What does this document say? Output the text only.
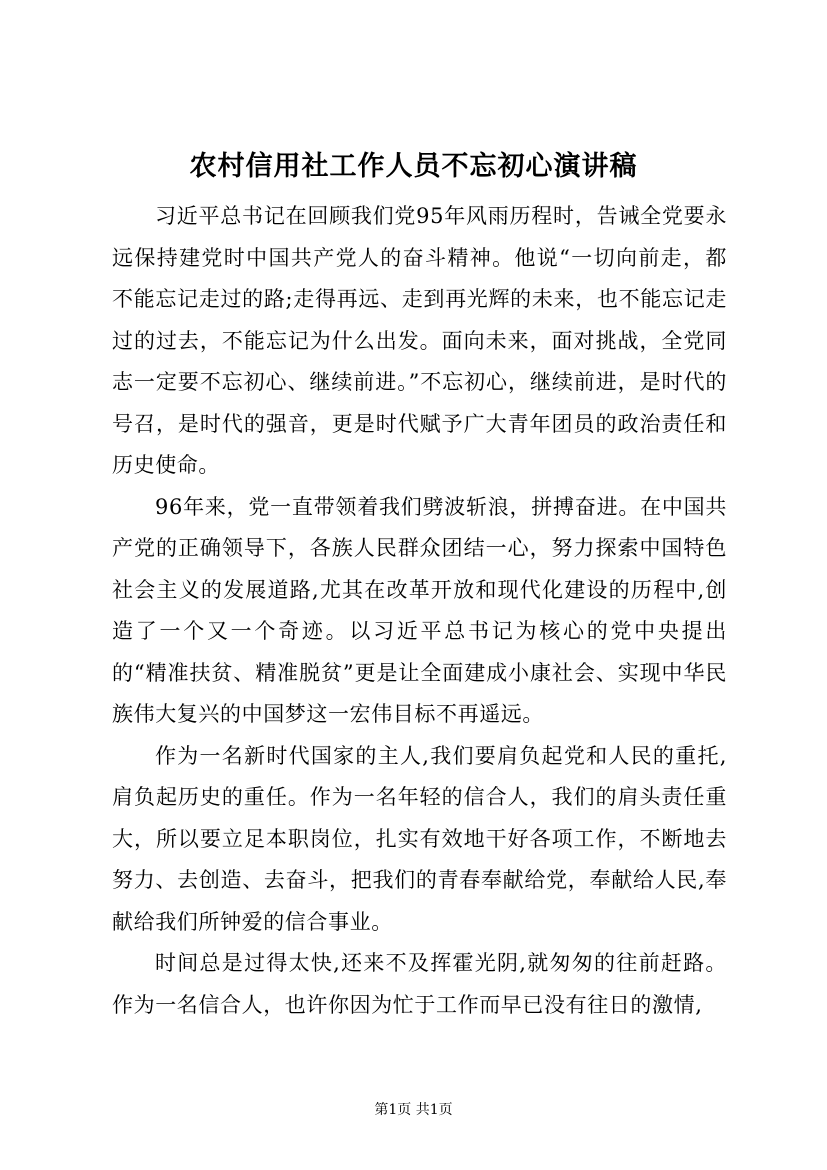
农村信用社工作人员不忘初心演讲稿

习近平总书记在回顾我们党95年风雨历程时，告诫全党要永远保持建党时中国共产党人的奋斗精神。他说“一切向前走，都不能忘记走过的路;走得再远、走到再光辉的未来，也不能忘记走过的过去，不能忘记为什么出发。面向未来，面对挑战，全党同志一定要不忘初心、继续前进。”不忘初心，继续前进，是时代的号召，是时代的强音，更是时代赋予广大青年团员的政治责任和历史使命。

96年来，党一直带领着我们劈波斩浪，拼搏奋进。在中国共产党的正确领导下，各族人民群众团结一心，努力探索中国特色社会主义的发展道路,尤其在改革开放和现代化建设的历程中,创造了一个又一个奇迹。以习近平总书记为核心的党中央提出的“精准扶贫、精准脱贫”更是让全面建成小康社会、实现中华民族伟大复兴的中国梦这一宏伟目标不再遥远。

作为一名新时代国家的主人,我们要肩负起党和人民的重托,肩负起历史的重任。作为一名年轻的信合人，我们的肩头责任重大，所以要立足本职岗位，扎实有效地干好各项工作，不断地去努力、去创造、去奋斗，把我们的青春奉献给党，奉献给人民,奉献给我们所钟爱的信合事业。

时间总是过得太快,还来不及挥霍光阴,就匆匆的往前赶路。作为一名信合人，也许你因为忙于工作而早已没有往日的激情,

第1页 共1页
